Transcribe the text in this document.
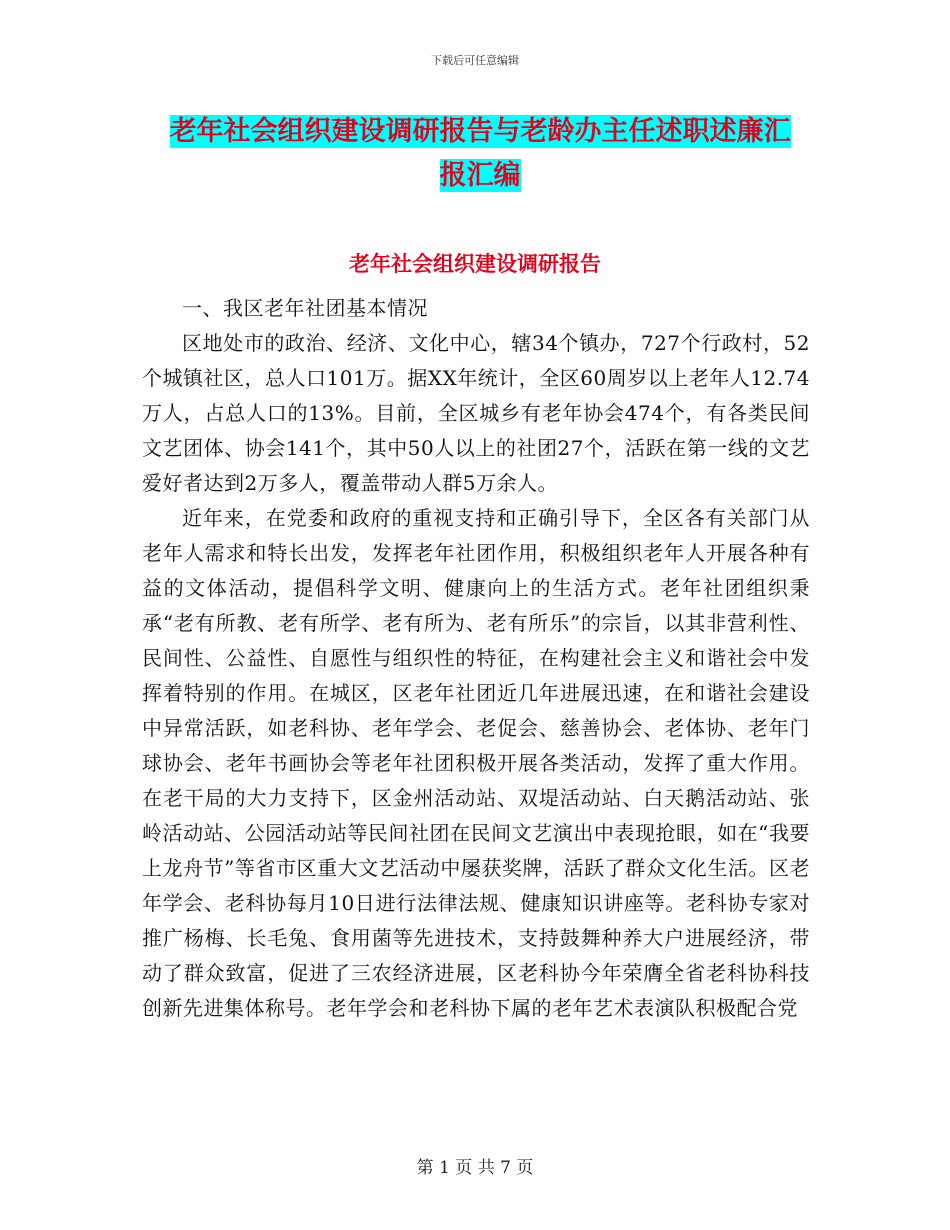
下载后可任意编辑
老年社会组织建设调研报告与老龄办主任述职述廉汇
报汇编
老年社会组织建设调研报告

一、我区老年社团基本情况

区地处市的政治、经济、文化中心，辖34个镇办，727个行政村，52个城镇社区，总人口101万。据XX年统计，全区60周岁以上老年人12.74万人，占总人口的13%。目前，全区城乡有老年协会474个，有各类民间文艺团体、协会141个，其中50人以上的社团27个，活跃在第一线的文艺爱好者达到2万多人，覆盖带动人群5万余人。

近年来，在党委和政府的重视支持和正确引导下，全区各有关部门从老年人需求和特长出发，发挥老年社团作用，积极组织老年人开展各种有益的文体活动，提倡科学文明、健康向上的生活方式。老年社团组织秉承“老有所教、老有所学、老有所为、老有所乐”的宗旨，以其非营利性、民间性、公益性、自愿性与组织性的特征，在构建社会主义和谐社会中发挥着特别的作用。在城区，区老年社团近几年进展迅速，在和谐社会建设中异常活跃，如老科协、老年学会、老促会、慈善协会、老体协、老年门球协会、老年书画协会等老年社团积极开展各类活动，发挥了重大作用。在老干局的大力支持下，区金州活动站、双堤活动站、白天鹅活动站、张岭活动站、公园活动站等民间社团在民间文艺演出中表现抢眼，如在“我要上龙舟节”等省市区重大文艺活动中屡获奖牌，活跃了群众文化生活。区老年学会、老科协每月10日进行法律法规、健康知识讲座等。老科协专家对推广杨梅、长毛兔、食用菌等先进技术，支持鼓舞种养大户进展经济，带动了群众致富，促进了三农经济进展，区老科协今年荣膺全省老科协科技创新先进集体称号。老年学会和老科协下属的老年艺术表演队积极配合党

第 1 页 共 7 页
